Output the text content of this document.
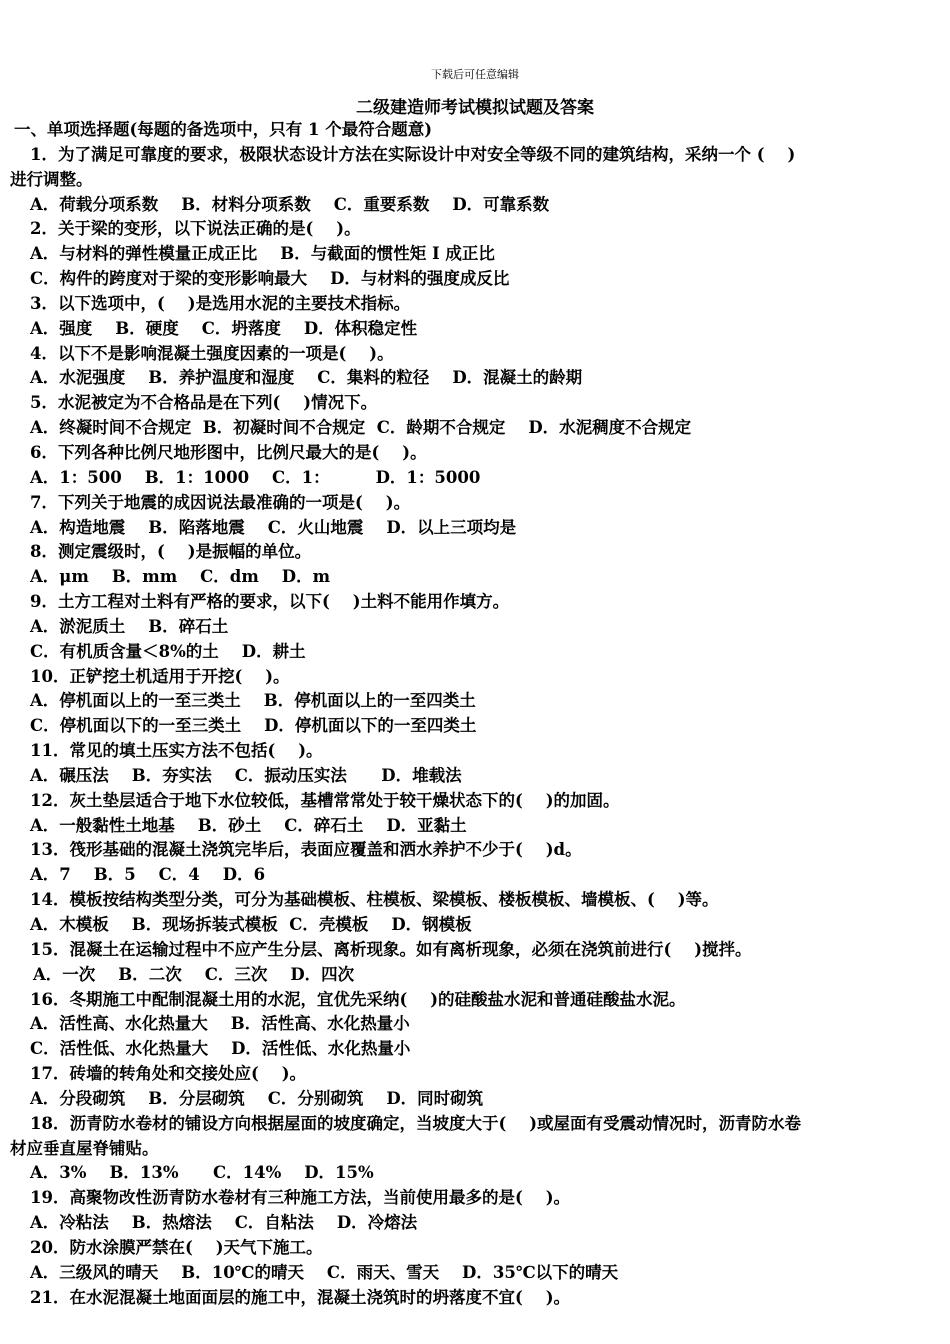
下载后可任意编辑
二级建造师考试模拟试题及答案
一、单项选择题(每题的备选项中，只有 1 个最符合题意)
1．为了满足可靠度的要求，极限状态设计方法在实际设计中对安全等级不同的建筑结构，采纳一个 (    )
进行调整。
A．荷载分项系数    B．材料分项系数    C．重要系数    D．可靠系数
2．关于梁的变形，以下说法正确的是(    )。
A．与材料的弹性模量正成正比    B．与截面的惯性矩 I 成正比
C．构件的跨度对于梁的变形影响最大    D．与材料的强度成反比
3．以下选项中，(    )是选用水泥的主要技术指标。
A．强度    B．硬度    C．坍落度    D．体积稳定性
4．以下不是影响混凝土强度因素的一项是(    )。
A．水泥强度    B．养护温度和湿度    C．集料的粒径    D．混凝土的龄期
5．水泥被定为不合格品是在下列(    )情况下。
A．终凝时间不合规定  B．初凝时间不合规定  C．龄期不合规定    D．水泥稠度不合规定
6．下列各种比例尺地形图中，比例尺最大的是(    )。
A．1：500    B．1：1000    C．1：        D．1：5000
7．下列关于地震的成因说法最准确的一项是(    )。
A．构造地震    B．陷落地震    C．火山地震    D．以上三项均是
8．测定震级时，(    )是振幅的单位。
A．μm    B．mm    C．dm    D．m
9．土方工程对土料有严格的要求，以下(    )土料不能用作填方。
A．淤泥质土    B．碎石土
C．有机质含量＜8%的土    D．耕土
10．正铲挖土机适用于开挖(    )。
A．停机面以上的一至三类土    B．停机面以上的一至四类土
C．停机面以下的一至三类土    D．停机面以下的一至四类土
11．常见的填土压实方法不包括(    )。
A．碾压法    B．夯实法    C．振动压实法      D．堆载法
12．灰土垫层适合于地下水位较低，基槽常常处于较干燥状态下的(    )的加固。
A．一般黏性土地基    B．砂土    C．碎石土    D．亚黏土
13．筏形基础的混凝土浇筑完毕后，表面应覆盖和洒水养护不少于(    )d。
A．7    B．5    C．4    D．6
14．模板按结构类型分类，可分为基础模板、柱模板、梁模板、楼板模板、墙模板、(    )等。
A．木模板    B．现场拆装式模板  C．壳模板    D．钢模板
15．混凝土在运输过程中不应产生分层、离析现象。如有离析现象，必须在浇筑前进行(    )搅拌。
A．一次    B．二次    C．三次    D．四次
16．冬期施工中配制混凝土用的水泥，宜优先采纳(    )的硅酸盐水泥和普通硅酸盐水泥。
A．活性高、水化热量大    B．活性高、水化热量小
C．活性低、水化热量大    D．活性低、水化热量小
17．砖墙的转角处和交接处应(    )。
A．分段砌筑    B．分层砌筑    C．分别砌筑    D．同时砌筑
18．沥青防水卷材的铺设方向根据屋面的坡度确定，当坡度大于(    )或屋面有受震动情况时，沥青防水卷
材应垂直屋脊铺贴。
A．3%    B．13%      C．14%    D．15%
19．高聚物改性沥青防水卷材有三种施工方法，当前使用最多的是(    )。
A．冷粘法    B．热熔法    C．自粘法    D．冷熔法
20．防水涂膜严禁在(    )天气下施工。
A．三级风的晴天    B．10℃的晴天    C．雨天、雪天    D．35℃以下的晴天
21．在水泥混凝土地面面层的施工中，混凝土浇筑时的坍落度不宜(    )。
